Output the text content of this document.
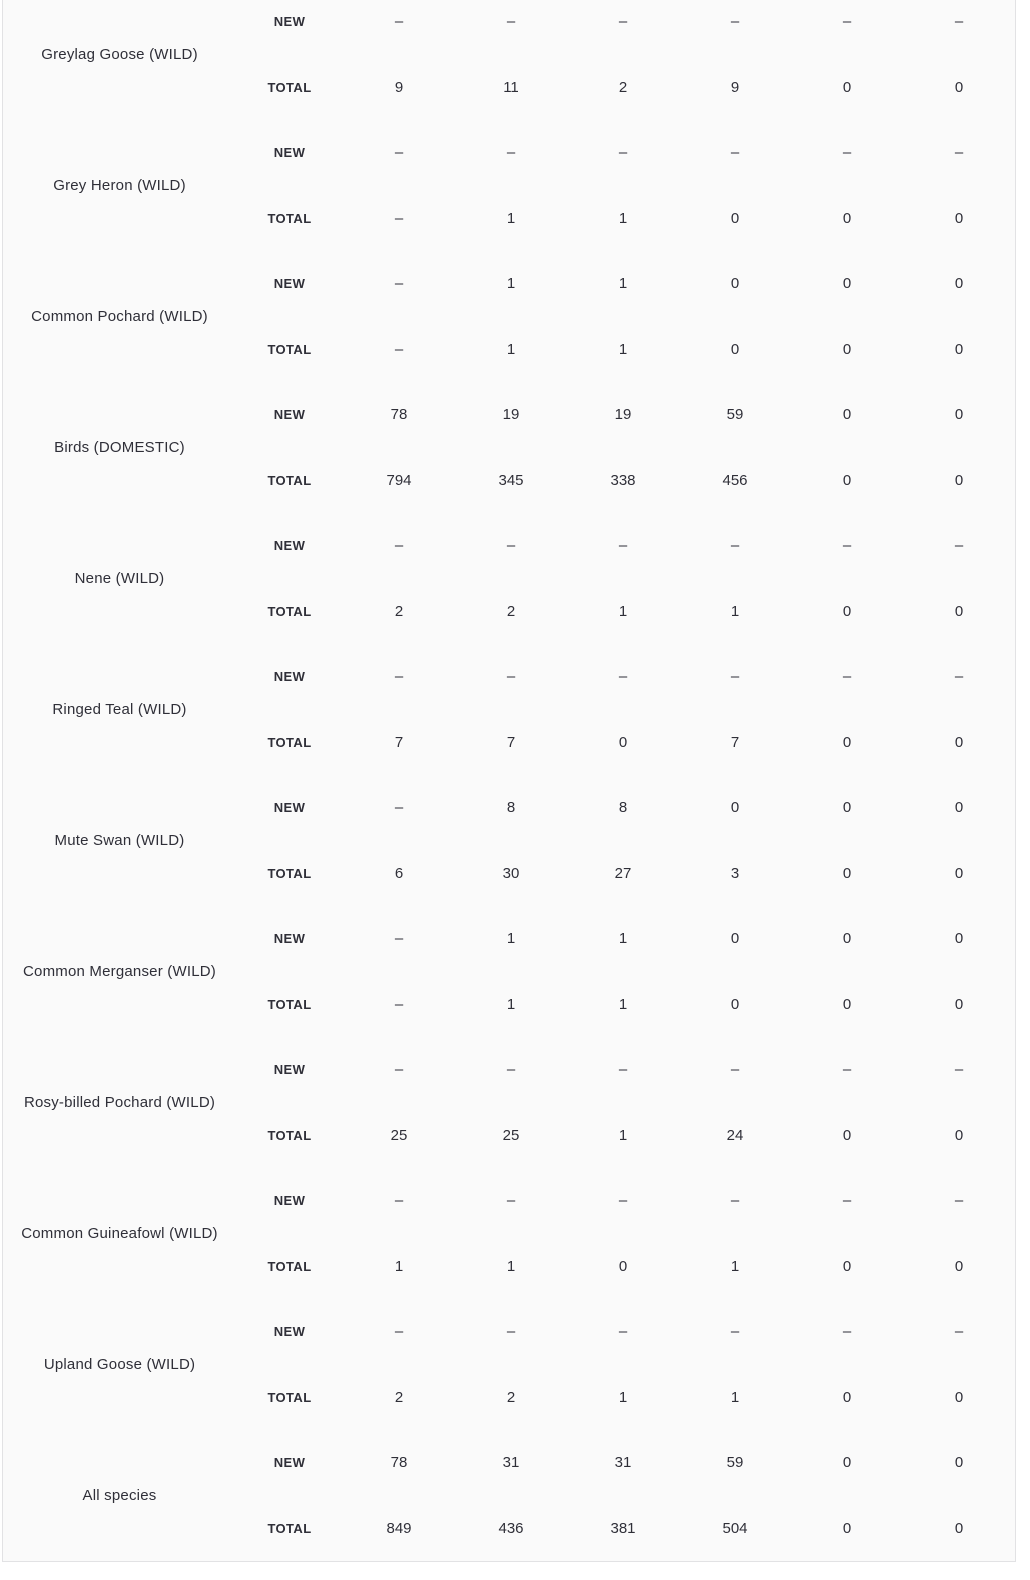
Greylag Goose (WILD)
NEW	–	–	–	–	–	–
TOTAL	9	11	2	9	0	0
Grey Heron (WILD)
NEW	–	–	–	–	–	–
TOTAL	–	1	1	0	0	0
Common Pochard (WILD)
NEW	–	1	1	0	0	0
TOTAL	–	1	1	0	0	0
Birds (DOMESTIC)
NEW	78	19	19	59	0	0
TOTAL	794	345	338	456	0	0
Nene (WILD)
NEW	–	–	–	–	–	–
TOTAL	2	2	1	1	0	0
Ringed Teal (WILD)
NEW	–	–	–	–	–	–
TOTAL	7	7	0	7	0	0
Mute Swan (WILD)
NEW	–	8	8	0	0	0
TOTAL	6	30	27	3	0	0
Common Merganser (WILD)
NEW	–	1	1	0	0	0
TOTAL	–	1	1	0	0	0
Rosy-billed Pochard (WILD)
NEW	–	–	–	–	–	–
TOTAL	25	25	1	24	0	0
Common Guineafowl (WILD)
NEW	–	–	–	–	–	–
TOTAL	1	1	0	1	0	0
Upland Goose (WILD)
NEW	–	–	–	–	–	–
TOTAL	2	2	1	1	0	0
All species
NEW	78	31	31	59	0	0
TOTAL	849	436	381	504	0	0
